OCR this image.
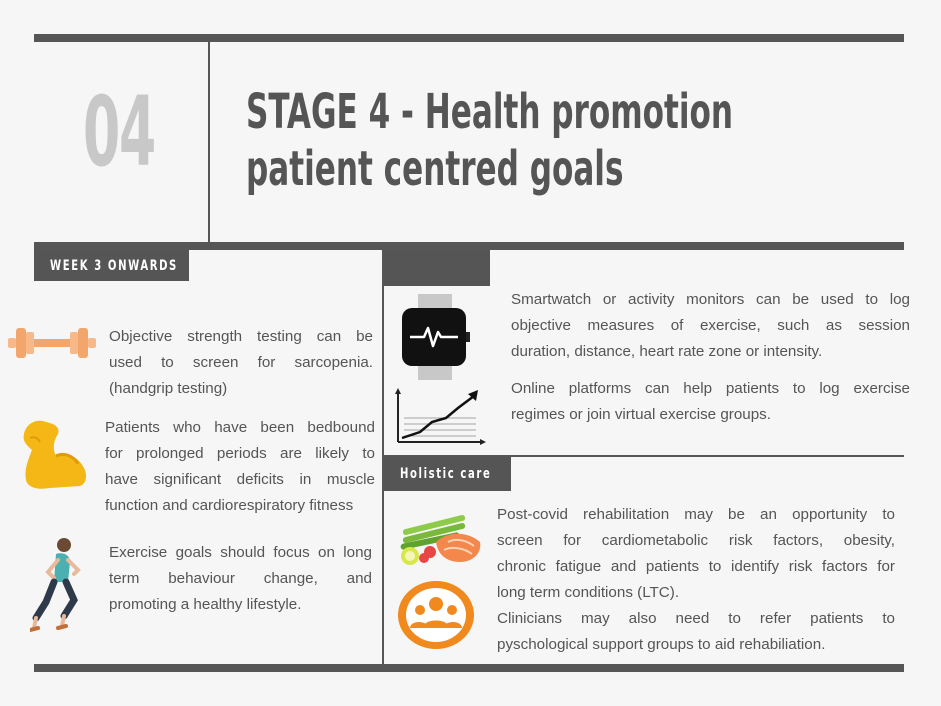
04 STAGE 4 - Health promotion
patient centred goals
WEEK 3 ONWARDS
Holistic care
Objective strength testing can be
used to screen for sarcopenia.
(handgrip testing)
Patients who have been bedbound
for prolonged periods are likely to
have significant deficits in muscle
function and cardiorespiratory fitness
Exercise goals should focus on long
term behaviour change, and
promoting a healthy lifestyle.
Smartwatch or activity monitors can be used to log
objective measures of exercise, such as session
duration, distance, heart rate zone or intensity.
Online platforms can help patients to log exercise
regimes or join virtual exercise groups.
Post-covid rehabilitation may be an opportunity to
screen for cardiometabolic risk factors, obesity,
chronic fatigue and patients to identify risk factors for
long term conditions (LTC).
Clinicians may also need to refer patients to
pyschological support groups to aid rehabiliation.
